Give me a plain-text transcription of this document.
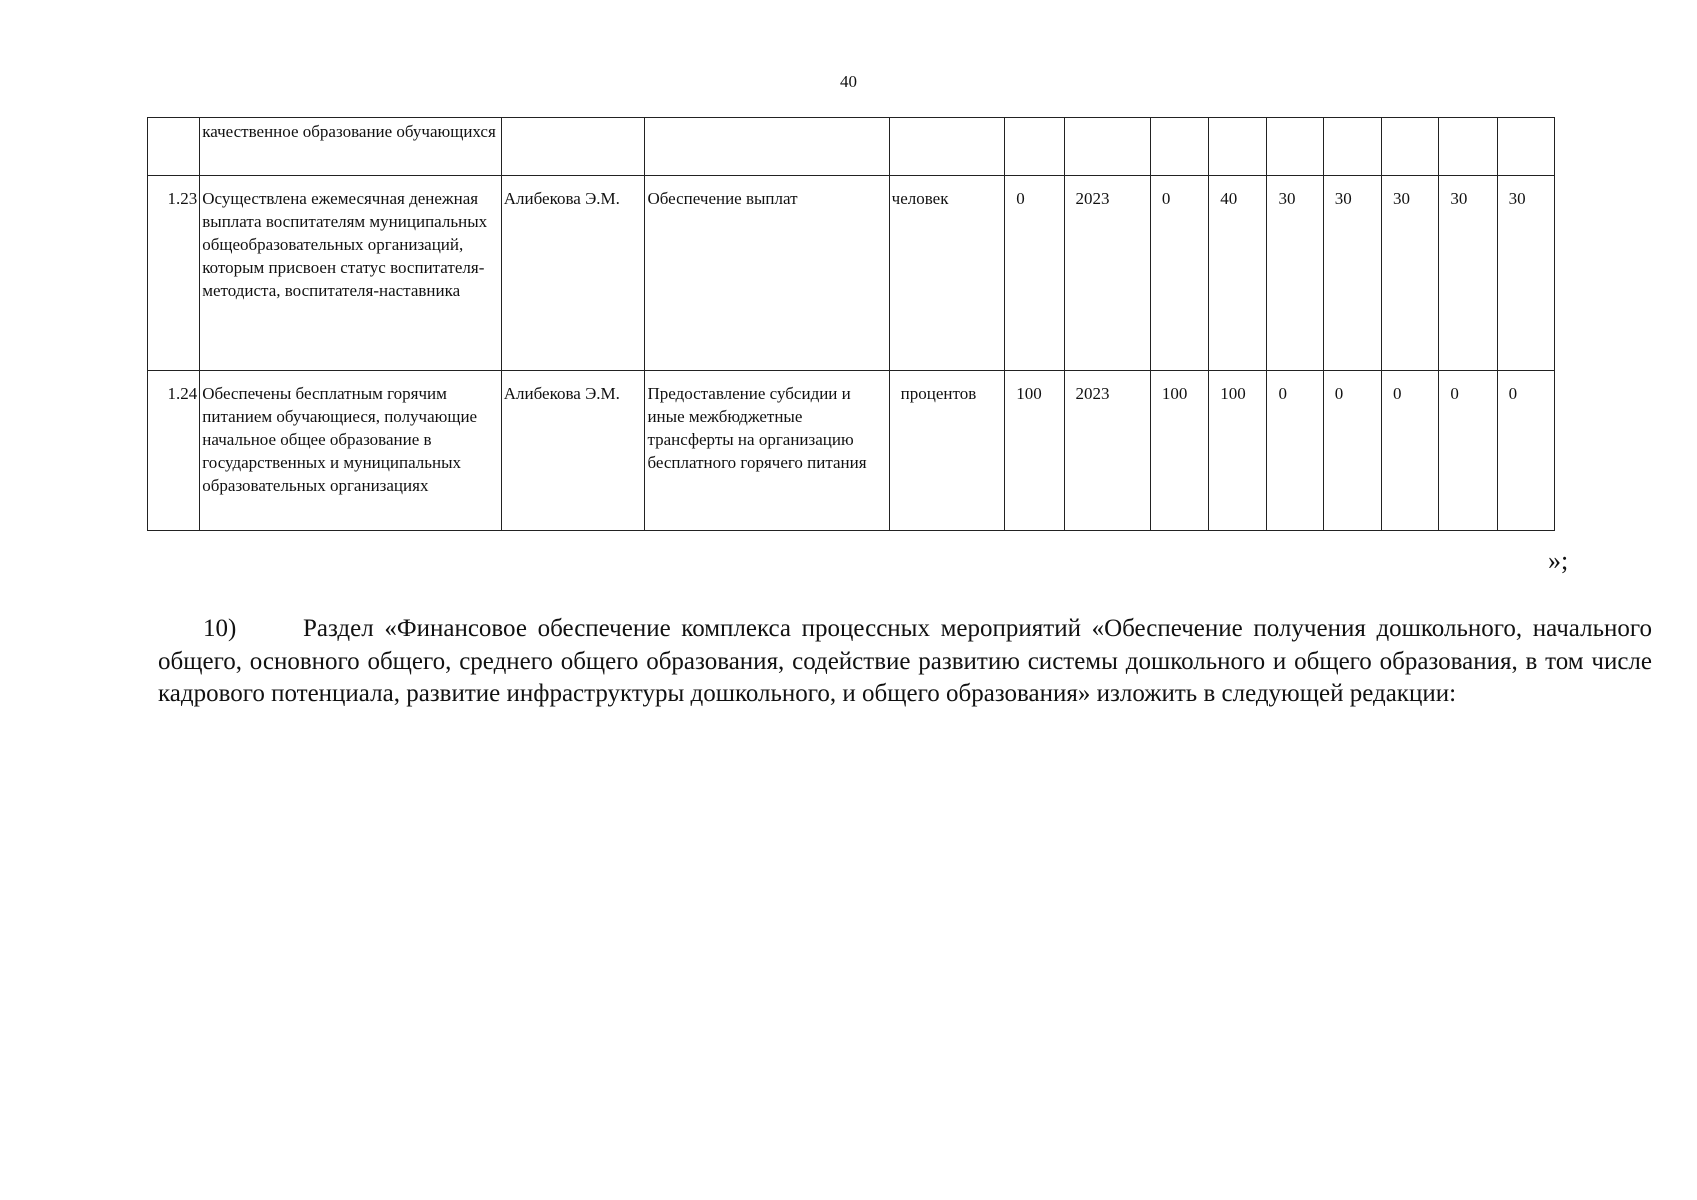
40
	качественное образование обучающихся												
1.23	Осуществлена ежемесячная денежная выплата воспитателям муниципальных общеобразовательных организаций, которым присвоен статус воспитателя-методиста, воспитателя-наставника	Алибекова Э.М.	Обеспечение выплат	человек	0	2023	0	40	30	30	30	30	30
1.24	Обеспечены бесплатным горячим питанием обучающиеся, получающие начальное общее образование в государственных и муниципальных образовательных организациях	Алибекова Э.М.	Предоставление субсидии и иные межбюджетные трансферты на организацию бесплатного горячего питания	процентов	100	2023	100	100	0	0	0	0	0
»;

10)	Раздел «Финансовое обеспечение комплекса процессных мероприятий «Обеспечение получения дошкольного, начального общего, основного общего, среднего общего образования, содействие развитию системы дошкольного и общего образования, в том числе кадрового потенциала, развитие инфраструктуры дошкольного, и общего образования» изложить в следующей редакции:
